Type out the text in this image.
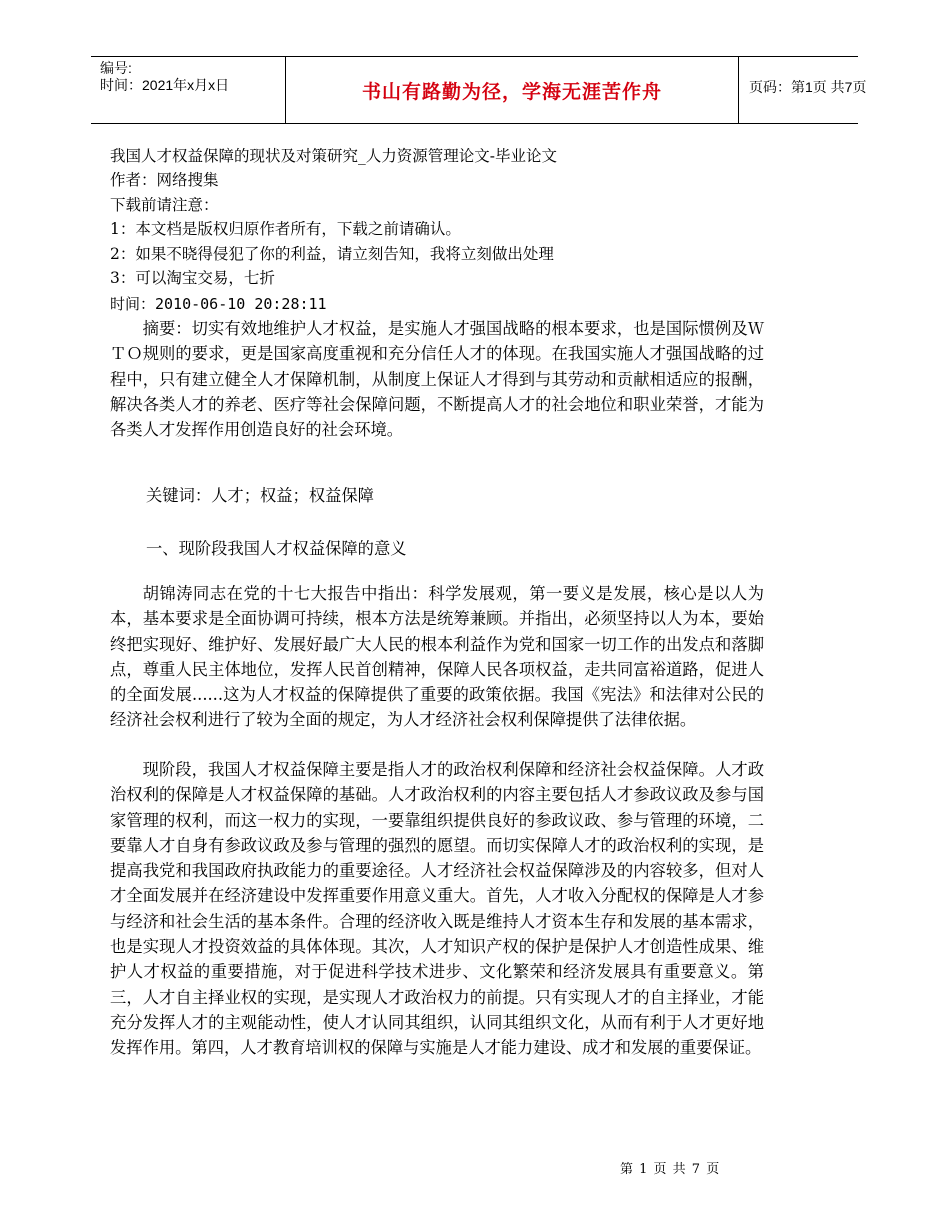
编号:
时间：2021年x月x日	书山有路勤为径，学海无涯苦作舟	页码：第1页 共7页
我国人才权益保障的现状及对策研究_人力资源管理论文-毕业论文
作者：网络搜集
下载前请注意：
1：本文档是版权归原作者所有，下载之前请确认。
2：如果不晓得侵犯了你的利益，请立刻告知，我将立刻做出处理
3：可以淘宝交易，七折
时间：2010-06-10 20:28:11
摘要：切实有效地维护人才权益，是实施人才强国战略的根本要求，也是国际惯例及ＷＴＯ规则的要求，更是国家高度重视和充分信任人才的体现。在我国实施人才强国战略的过程中，只有建立健全人才保障机制，从制度上保证人才得到与其劳动和贡献相适应的报酬，解决各类人才的养老、医疗等社会保障问题，不断提高人才的社会地位和职业荣誉，才能为各类人才发挥作用创造良好的社会环境。
关键词：人才；权益；权益保障
一、现阶段我国人才权益保障的意义
胡锦涛同志在党的十七大报告中指出：科学发展观，第一要义是发展，核心是以人为本，基本要求是全面协调可持续，根本方法是统筹兼顾。并指出，必须坚持以人为本，要始终把实现好、维护好、发展好最广大人民的根本利益作为党和国家一切工作的出发点和落脚点，尊重人民主体地位，发挥人民首创精神，保障人民各项权益，走共同富裕道路，促进人的全面发展......这为人才权益的保障提供了重要的政策依据。我国《宪法》和法律对公民的经济社会权利进行了较为全面的规定，为人才经济社会权利保障提供了法律依据。
现阶段，我国人才权益保障主要是指人才的政治权利保障和经济社会权益保障。人才政治权利的保障是人才权益保障的基础。人才政治权利的内容主要包括人才参政议政及参与国家管理的权利，而这一权力的实现，一要靠组织提供良好的参政议政、参与管理的环境，二要靠人才自身有参政议政及参与管理的强烈的愿望。而切实保障人才的政治权利的实现，是提高我党和我国政府执政能力的重要途径。人才经济社会权益保障涉及的内容较多，但对人才全面发展并在经济建设中发挥重要作用意义重大。首先，人才收入分配权的保障是人才参与经济和社会生活的基本条件。合理的经济收入既是维持人才资本生存和发展的基本需求，也是实现人才投资效益的具体体现。其次，人才知识产权的保护是保护人才创造性成果、维护人才权益的重要措施，对于促进科学技术进步、文化繁荣和经济发展具有重要意义。第三，人才自主择业权的实现，是实现人才政治权力的前提。只有实现人才的自主择业，才能充分发挥人才的主观能动性，使人才认同其组织，认同其组织文化，从而有利于人才更好地发挥作用。第四，人才教育培训权的保障与实施是人才能力建设、成才和发展的重要保证。
第 1 页 共 7 页
